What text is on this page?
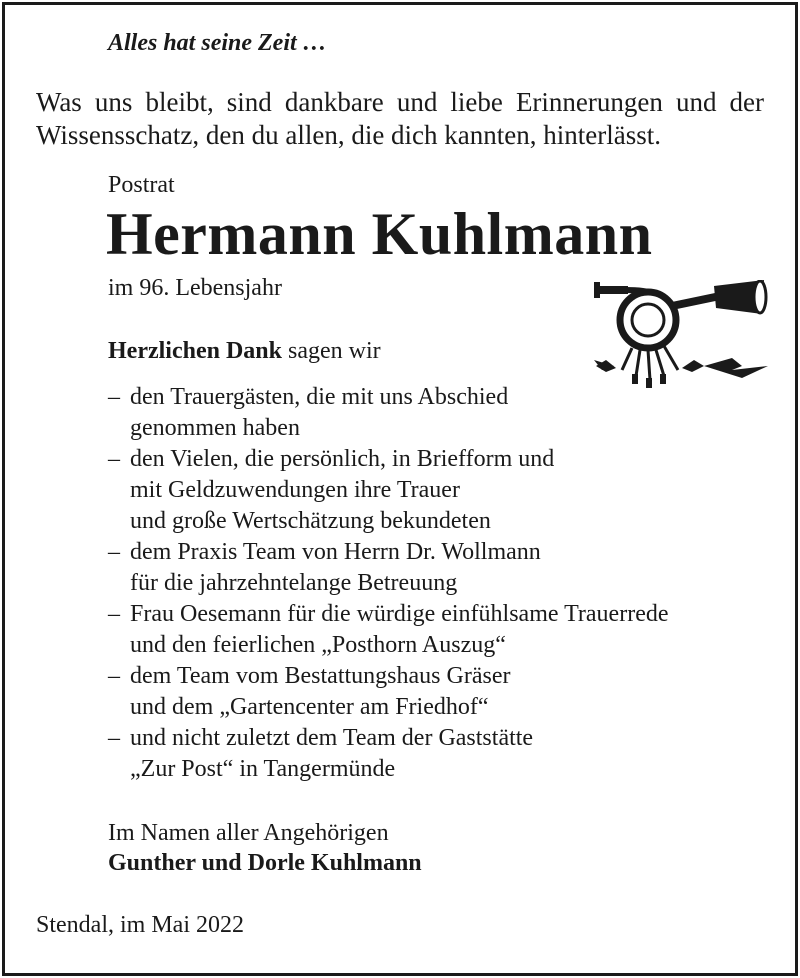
Alles hat seine Zeit …
Was uns bleibt, sind dankbare und liebe Erinnerungen und der
Wissensschatz, den du allen, die dich kannten, hinterlässt.
Postrat
Hermann Kuhlmann
im 96. Lebensjahr
Herzlichen Dank sagen wir
– den Trauergästen, die mit uns Abschied
genommen haben
– den Vielen, die persönlich, in Briefform und
mit Geldzuwendungen ihre Trauer
und große Wertschätzung bekundeten
– dem Praxis Team von Herrn Dr. Wollmann
für die jahrzehntelange Betreuung
– Frau Oesemann für die würdige einfühlsame Trauerrede
und den feierlichen „Posthorn Auszug“
– dem Team vom Bestattungshaus Gräser
und dem „Gartencenter am Friedhof“
– und nicht zuletzt dem Team der Gaststätte
„Zur Post“ in Tangermünde
Im Namen aller Angehörigen
Gunther und Dorle Kuhlmann
Stendal, im Mai 2022
